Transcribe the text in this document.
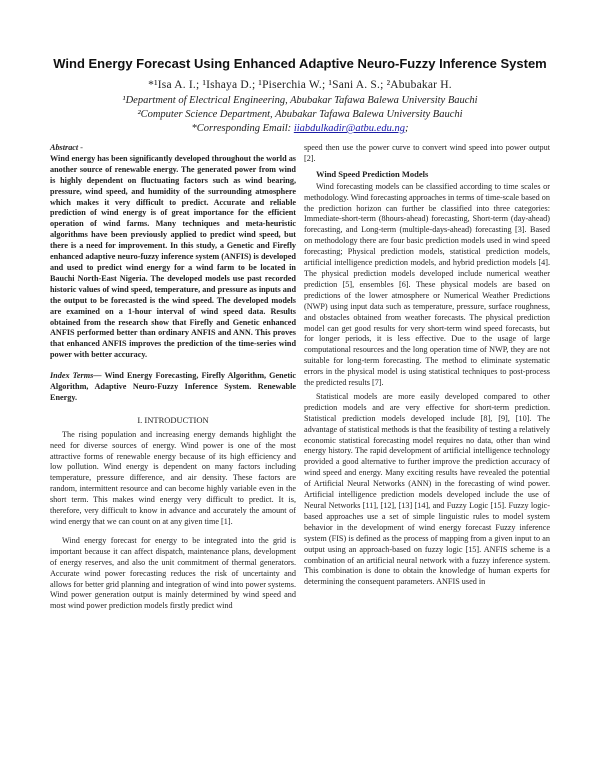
Wind Energy Forecast Using Enhanced Adaptive Neuro-Fuzzy Inference System
*¹Isa A. I.; ¹Ishaya D.; ¹Piserchia W.; ¹Sani A. S.; ²Abubakar H.
¹Department of Electrical Engineering, Abubakar Tafawa Balewa University Bauchi
²Computer Science Department, Abubakar Tafawa Balewa University Bauchi
*Corresponding Email: iiabdulkadir@atbu.edu.ng;

Abstract -
Wind energy has been significantly developed throughout the world as another source of renewable energy. The generated power from wind is highly dependent on fluctuating factors such as wind bearing, pressure, wind speed, and humidity of the surrounding atmosphere which makes it very difficult to predict. Accurate and reliable prediction of wind energy is of great importance for the efficient operation of wind farms. Many techniques and meta-heuristic algorithms have been previously applied to predict wind speed, but there is a need for improvement. In this study, a Genetic and Firefly enhanced adaptive neuro-fuzzy inference system (ANFIS) is developed and used to predict wind energy for a wind farm to be located in Bauchi North-East Nigeria. The developed models use past recorded historic values of wind speed, temperature, and pressure as inputs and the output to be forecasted is the wind speed. The developed models are examined on a 1-hour interval of wind speed data. Results obtained from the research show that Firefly and Genetic enhanced ANFIS performed better than ordinary ANFIS and ANN. This proves that enhanced ANFIS improves the prediction of the time-series wind power with better accuracy.

Index Terms— Wind Energy Forecasting, Firefly Algorithm, Genetic Algorithm, Adaptive Neuro-Fuzzy Inference System. Renewable Energy.

I. INTRODUCTION

The rising population and increasing energy demands highlight the need for diverse sources of energy. Wind power is one of the most attractive forms of renewable energy because of its high efficiency and low pollution. Wind energy is dependent on many factors including temperature, pressure difference, and air density. These factors are random, intermittent resource and can become highly variable even in the short term. This makes wind energy very difficult to predict. It is, therefore, very difficult to know in advance and accurately the amount of wind energy that we can count on at any given time [1].

Wind energy forecast for energy to be integrated into the grid is important because it can affect dispatch, maintenance plans, development of energy reserves, and also the unit commitment of thermal generators. Accurate wind power forecasting reduces the risk of uncertainty and allows for better grid planning and integration of wind into power systems. Wind power generation output is mainly determined by wind speed and most wind power prediction models firstly predict wind

speed then use the power curve to convert wind speed into power output [2].

Wind Speed Prediction Models

Wind forecasting models can be classified according to time scales or methodology. Wind forecasting approaches in terms of time-scale based on the prediction horizon can further be classified into three categories: Immediate-short-term (8hours-ahead) forecasting, Short-term (day-ahead) forecasting, and Long-term (multiple-days-ahead) forecasting [3]. Based on methodology there are four basic prediction models used in wind speed forecasting; Physical prediction models, statistical prediction models, artificial intelligence prediction models, and hybrid prediction models [4]. The physical prediction models developed include numerical weather prediction [5], ensembles [6]. These physical models are based on predictions of the lower atmosphere or Numerical Weather Predictions (NWP) using input data such as temperature, pressure, surface roughness, and obstacles obtained from weather forecasts. The physical prediction model can get good results for very short-term wind speed forecasts, but for longer periods, it is less effective. Due to the usage of large computational resources and the long operation time of NWP, they are not suitable for long-term forecasting. The method to eliminate systematic errors in the physical model is using statistical techniques to post-process the predicted results [7].

Statistical models are more easily developed compared to other prediction models and are very effective for short-term prediction. Statistical prediction models developed include [8], [9], [10]. The advantage of statistical methods is that the feasibility of testing a relatively economic statistical forecasting model requires no data, other than wind energy history. The rapid development of artificial intelligence technology provided a good alternative to further improve the prediction accuracy of wind speed and energy. Many exciting results have revealed the potential of Artificial Neural Networks (ANN) in the forecasting of wind power. Artificial intelligence prediction models developed include the use of Neural Networks [11], [12], [13] [14], and Fuzzy Logic [15]. Fuzzy logic-based approaches use a set of simple linguistic rules to model system behavior in the development of wind energy forecast Fuzzy inference system (FIS) is defined as the process of mapping from a given input to an output using an approach-based on fuzzy logic [15]. ANFIS scheme is a combination of an artificial neural network with a fuzzy inference system. This combination is done to obtain the knowledge of human experts for determining the consequent parameters. ANFIS used in
